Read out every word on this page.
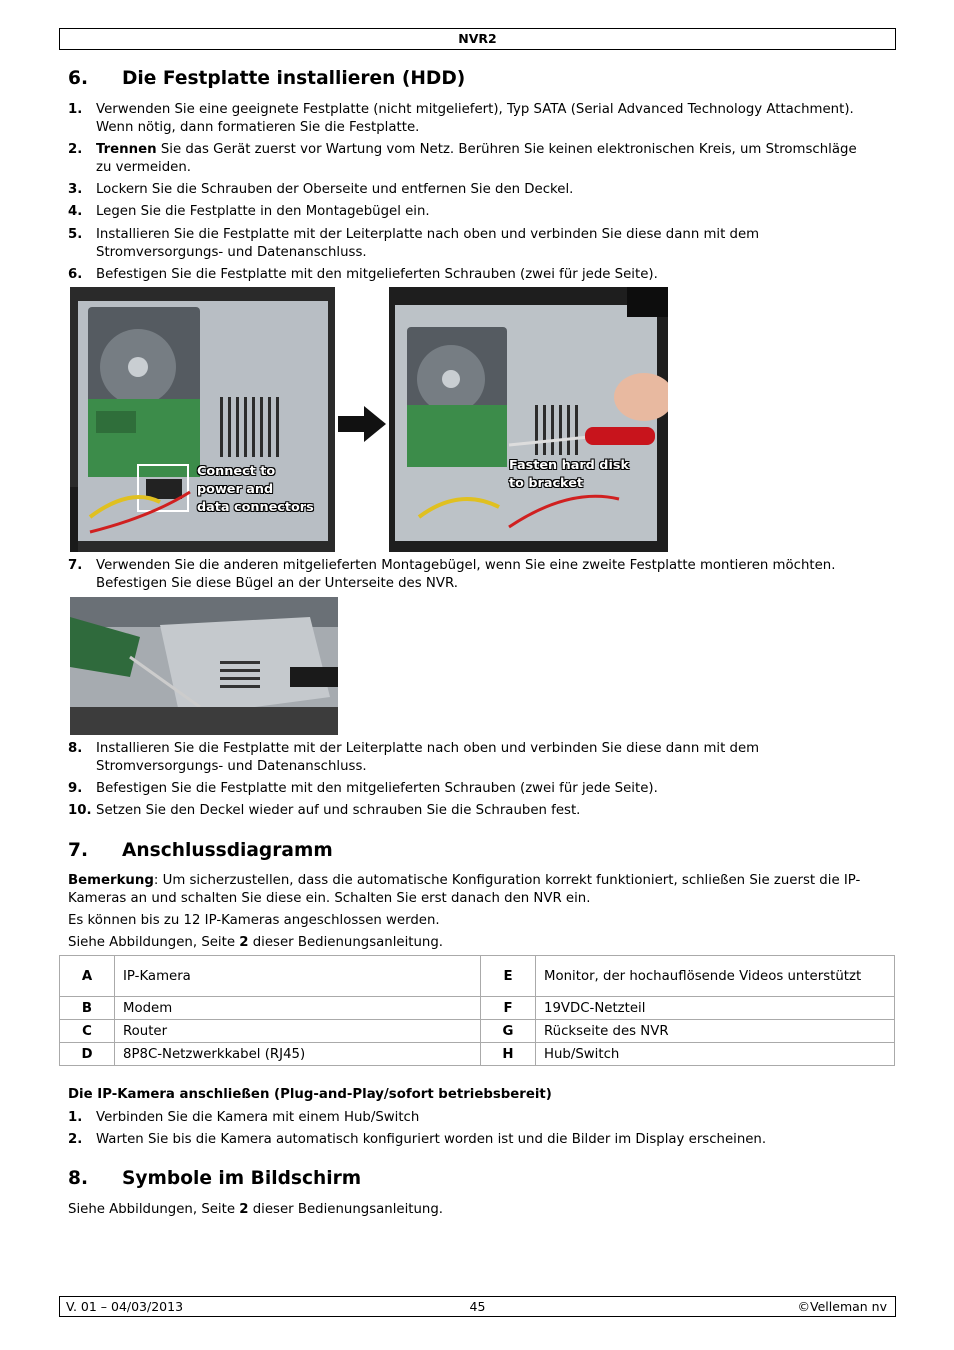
NVR2
6. Die Festplatte installieren (HDD)
1. Verwenden Sie eine geeignete Festplatte (nicht mitgeliefert), Typ SATA (Serial Advanced Technology Attachment). Wenn nötig, dann formatieren Sie die Festplatte.
2. Trennen Sie das Gerät zuerst vor Wartung vom Netz. Berühren Sie keinen elektronischen Kreis, um Stromschläge zu vermeiden.
3. Lockern Sie die Schrauben der Oberseite und entfernen Sie den Deckel.
4. Legen Sie die Festplatte in den Montagebügel ein.
5. Installieren Sie die Festplatte mit der Leiterplatte nach oben und verbinden Sie diese dann mit dem Stromversorgungs- und Datenanschluss.
6. Befestigen Sie die Festplatte mit den mitgelieferten Schrauben (zwei für jede Seite).
Connect to
power and
data connectors
Fasten hard disk
to bracket
7. Verwenden Sie die anderen mitgelieferten Montagebügel, wenn Sie eine zweite Festplatte montieren möchten. Befestigen Sie diese Bügel an der Unterseite des NVR.
8. Installieren Sie die Festplatte mit der Leiterplatte nach oben und verbinden Sie diese dann mit dem Stromversorgungs- und Datenanschluss.
9. Befestigen Sie die Festplatte mit den mitgelieferten Schrauben (zwei für jede Seite).
10. Setzen Sie den Deckel wieder auf und schrauben Sie die Schrauben fest.
7. Anschlussdiagramm
Bemerkung: Um sicherzustellen, dass die automatische Konfiguration korrekt funktioniert, schließen Sie zuerst die IP-Kameras an und schalten Sie diese ein. Schalten Sie erst danach den NVR ein.
Es können bis zu 12 IP-Kameras angeschlossen werden.
Siehe Abbildungen, Seite 2 dieser Bedienungsanleitung.
A	IP-Kamera	E	Monitor, der hochauflösende Videos unterstützt
B	Modem	F	19VDC-Netzteil
C	Router	G	Rückseite des NVR
D	8P8C-Netzwerkkabel (RJ45)	H	Hub/Switch
Die IP-Kamera anschließen (Plug-and-Play/sofort betriebsbereit)
1. Verbinden Sie die Kamera mit einem Hub/Switch
2. Warten Sie bis die Kamera automatisch konfiguriert worden ist und die Bilder im Display erscheinen.
8. Symbole im Bildschirm
Siehe Abbildungen, Seite 2 dieser Bedienungsanleitung.
V. 01 – 04/03/2013	45	©Velleman nv
